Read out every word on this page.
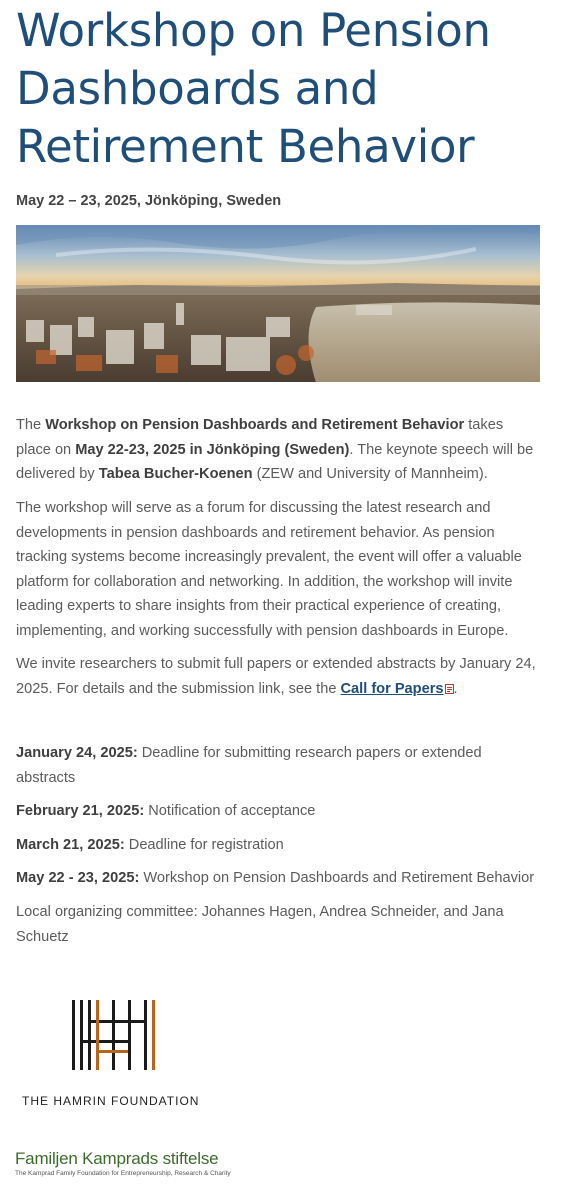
Workshop on Pension
Dashboards and
Retirement Behavior
May 22 – 23, 2025, Jönköping, Sweden

The Workshop on Pension Dashboards and Retirement Behavior takes place on May 22-23, 2025 in Jönköping (Sweden). The keynote speech will be delivered by Tabea Bucher-Koenen (ZEW and University of Mannheim).

The workshop will serve as a forum for discussing the latest research and developments in pension dashboards and retirement behavior. As pension tracking systems become increasingly prevalent, the event will offer a valuable platform for collaboration and networking. In addition, the workshop will invite leading experts to share insights from their practical experience of creating, implementing, and working successfully with pension dashboards in Europe.

We invite researchers to submit full papers or extended abstracts by January 24, 2025. For details and the submission link, see the Call for Papers .

January 24, 2025: Deadline for submitting research papers or extended abstracts

February 21, 2025: Notification of acceptance

March 21, 2025: Deadline for registration

May 22 - 23, 2025: Workshop on Pension Dashboards and Retirement Behavior

Local organizing committee: Johannes Hagen, Andrea Schneider, and Jana Schuetz

THE HAMRIN FOUNDATION
Familjen Kamprads stiftelse
The Kamprad Family Foundation for Entrepreneurship, Research & Charity
